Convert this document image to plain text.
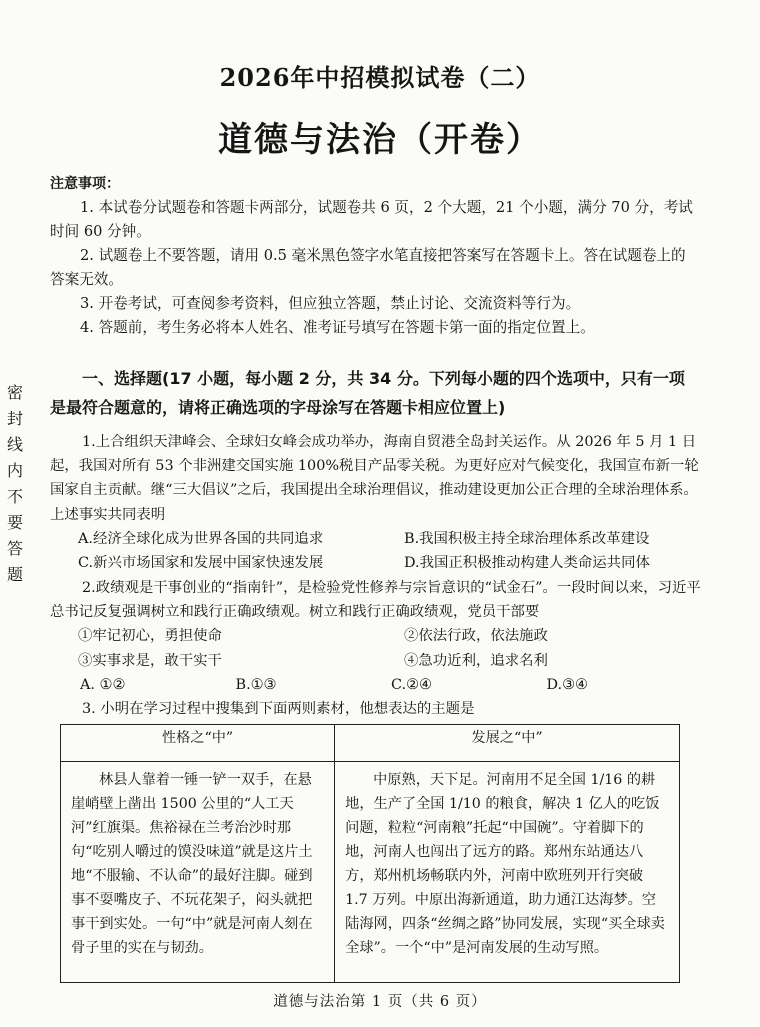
密封线内不要答题
2026年中招模拟试卷（二）
道德与法治（开卷）
注意事项：

1. 本试卷分试题卷和答题卡两部分，试题卷共 6 页，2 个大题，21 个小题，满分 70 分，考试时间 60 分钟。

2. 试题卷上不要答题，请用 0.5 毫米黑色签字水笔直接把答案写在答题卡上。答在试题卷上的答案无效。

3. 开卷考试，可查阅参考资料，但应独立答题，禁止讨论、交流资料等行为。

4. 答题前，考生务必将本人姓名、准考证号填写在答题卡第一面的指定位置上。

一、选择题(17 小题，每小题 2 分，共 34 分。下列每小题的四个选项中，只有一项是最符合题意的，请将正确选项的字母涂写在答题卡相应位置上)

1.上合组织天津峰会、全球妇女峰会成功举办，海南自贸港全岛封关运作。从 2026 年 5 月 1 日起，我国对所有 53 个非洲建交国实施 100%税目产品零关税。为更好应对气候变化，我国宣布新一轮国家自主贡献。继“三大倡议”之后，我国提出全球治理倡议，推动建设更加公正合理的全球治理体系。上述事实共同表明

A.经济全球化成为世界各国的共同追求	B.我国积极主持全球治理体系改革建设
C.新兴市场国家和发展中国家快速发展	D.我国正积极推动构建人类命运共同体

2.政绩观是干事创业的“指南针”，是检验党性修养与宗旨意识的“试金石”。一段时间以来，习近平总书记反复强调树立和践行正确政绩观。树立和践行正确政绩观，党员干部要

①牢记初心，勇担使命	②依法行政，依法施政
③实事求是，敢干实干	④急功近利，追求名利
A. ①②	B.①③	C.②④	D.③④

3. 小明在学习过程中搜集到下面两则素材，他想表达的主题是

性格之“中”	发展之“中”
林县人靠着一锤一铲一双手，在悬崖峭壁上凿出 1500 公里的“人工天河”红旗渠。焦裕禄在兰考治沙时那句“吃别人嚼过的馍没味道”就是这片土地“不服输、不认命”的最好注脚。碰到事不耍嘴皮子、不玩花架子，闷头就把事干到实处。一句“中”就是河南人刻在骨子里的实在与韧劲。	中原熟，天下足。河南用不足全国 1/16 的耕地，生产了全国 1/10 的粮食，解决 1 亿人的吃饭问题，粒粒“河南粮”托起“中国碗”。守着脚下的地，河南人也闯出了远方的路。郑州东站通达八方，郑州机场畅联内外，河南中欧班列开行突破 1.7 万列。中原出海新通道，助力通江达海梦。空陆海网，四条“丝绸之路”协同发展，实现“买全球卖全球”。一个“中”是河南发展的生动写照。
道德与法治第 1 页（共 6 页）
